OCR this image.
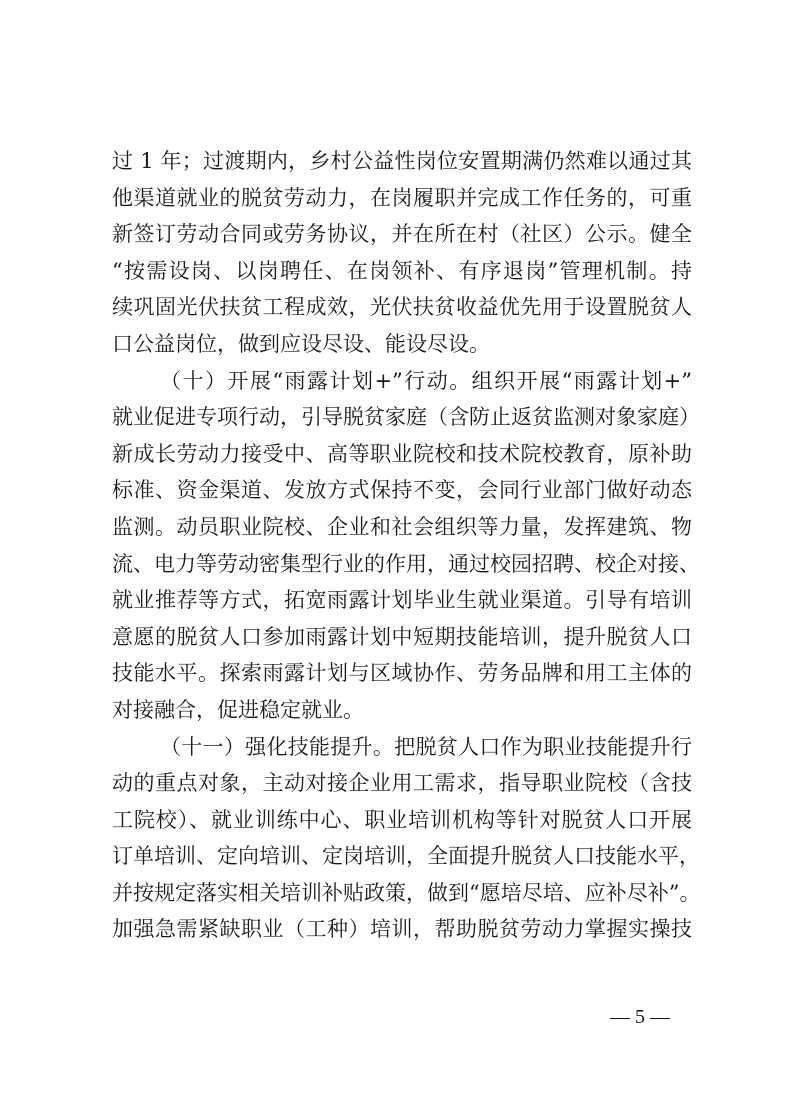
过 1 年；过渡期内，乡村公益性岗位安置期满仍然难以通过其
他渠道就业的脱贫劳动力，在岗履职并完成工作任务的，可重
新签订劳动合同或劳务协议，并在所在村（社区）公示。健全
“按需设岗、以岗聘任、在岗领补、有序退岗”管理机制。持
续巩固光伏扶贫工程成效，光伏扶贫收益优先用于设置脱贫人
口公益岗位，做到应设尽设、能设尽设。
（十）开展“雨露计划+”行动。组织开展“雨露计划+”
就业促进专项行动，引导脱贫家庭（含防止返贫监测对象家庭）
新成长劳动力接受中、高等职业院校和技术院校教育，原补助
标准、资金渠道、发放方式保持不变，会同行业部门做好动态
监测。动员职业院校、企业和社会组织等力量，发挥建筑、物
流、电力等劳动密集型行业的作用，通过校园招聘、校企对接、
就业推荐等方式，拓宽雨露计划毕业生就业渠道。引导有培训
意愿的脱贫人口参加雨露计划中短期技能培训，提升脱贫人口
技能水平。探索雨露计划与区域协作、劳务品牌和用工主体的
对接融合，促进稳定就业。
（十一）强化技能提升。把脱贫人口作为职业技能提升行
动的重点对象，主动对接企业用工需求，指导职业院校（含技
工院校）、就业训练中心、职业培训机构等针对脱贫人口开展
订单培训、定向培训、定岗培训，全面提升脱贫人口技能水平，
并按规定落实相关培训补贴政策，做到“愿培尽培、应补尽补”。
加强急需紧缺职业（工种）培训，帮助脱贫劳动力掌握实操技
— 5 —
